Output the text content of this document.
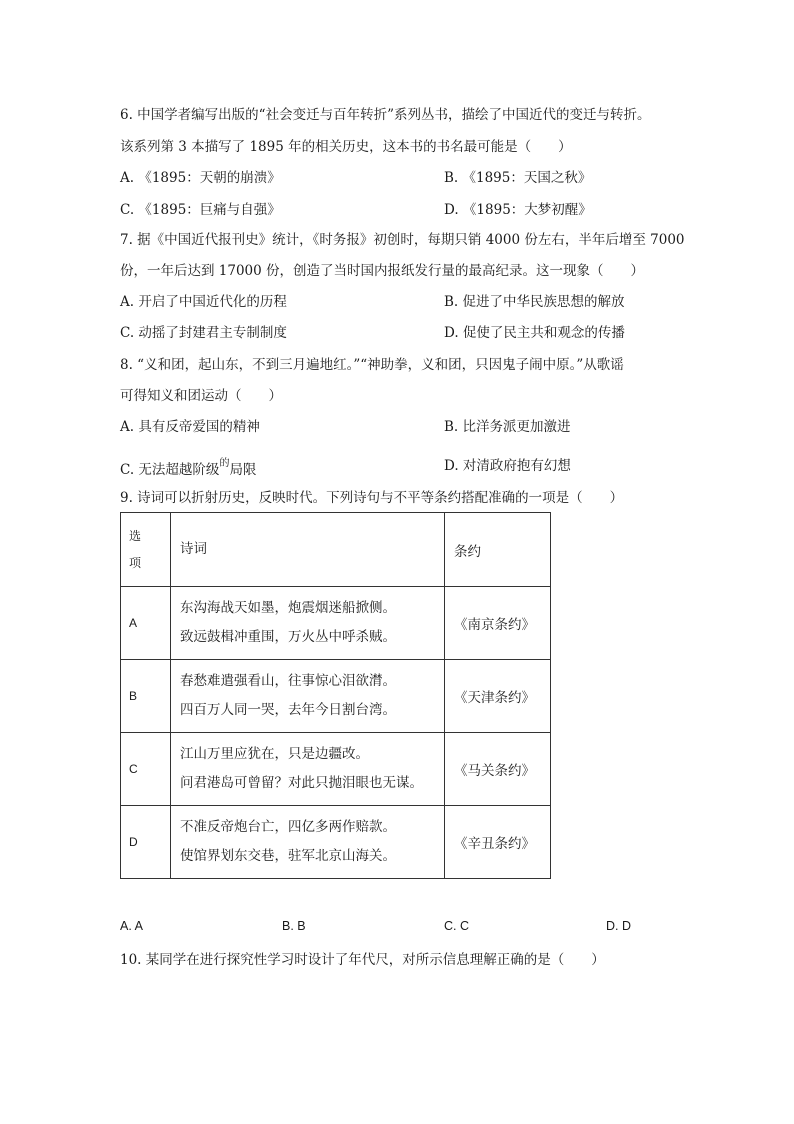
6. 中国学者编写出版的“社会变迁与百年转折”系列丛书，描绘了中国近代的变迁与转折。
该系列第 3 本描写了 1895 年的相关历史，这本书的书名最可能是（　　）
A. 《1895：天朝的崩溃》	B. 《1895：天国之秋》
C. 《1895：巨痛与自强》	D. 《1895：大梦初醒》
7. 据《中国近代报刊史》统计，《时务报》初创时，每期只销 4000 份左右，半年后增至 7000
份，一年后达到 17000 份，创造了当时国内报纸发行量的最高纪录。这一现象（　　）
A. 开启了中国近代化的历程	B. 促进了中华民族思想的解放
C. 动摇了封建君主专制制度	D. 促使了民主共和观念的传播
8. “义和团，起山东，不到三月遍地红。”“神助拳，义和团，只因鬼子闹中原。”从歌谣
可得知义和团运动（　　）
A. 具有反帝爱国的精神	B. 比洋务派更加激进
C. 无法超越阶级$^的$局限	D. 对清政府抱有幻想
9. 诗词可以折射历史，反映时代。下列诗句与不平等条约搭配准确的一项是（　　）
选
项	诗词	条约
A	东沟海战天如墨，炮震烟迷船掀侧。
致远鼓楫冲重围，万火丛中呼杀贼。	《南京条约》
B	春愁难遣强看山，往事惊心泪欲潸。
四百万人同一哭，去年今日割台湾。	《天津条约》
C	江山万里应犹在，只是边疆改。
问君港岛可曾留？对此只抛泪眼也无谋。	《马关条约》
D	不准反帝炮台亡，四亿多两作赔款。
使馆界划东交巷，驻军北京山海关。	《辛丑条约》
A. A	B. B	C. C	D. D
10. 某同学在进行探究性学习时设计了年代尺，对所示信息理解正确的是（　　）
